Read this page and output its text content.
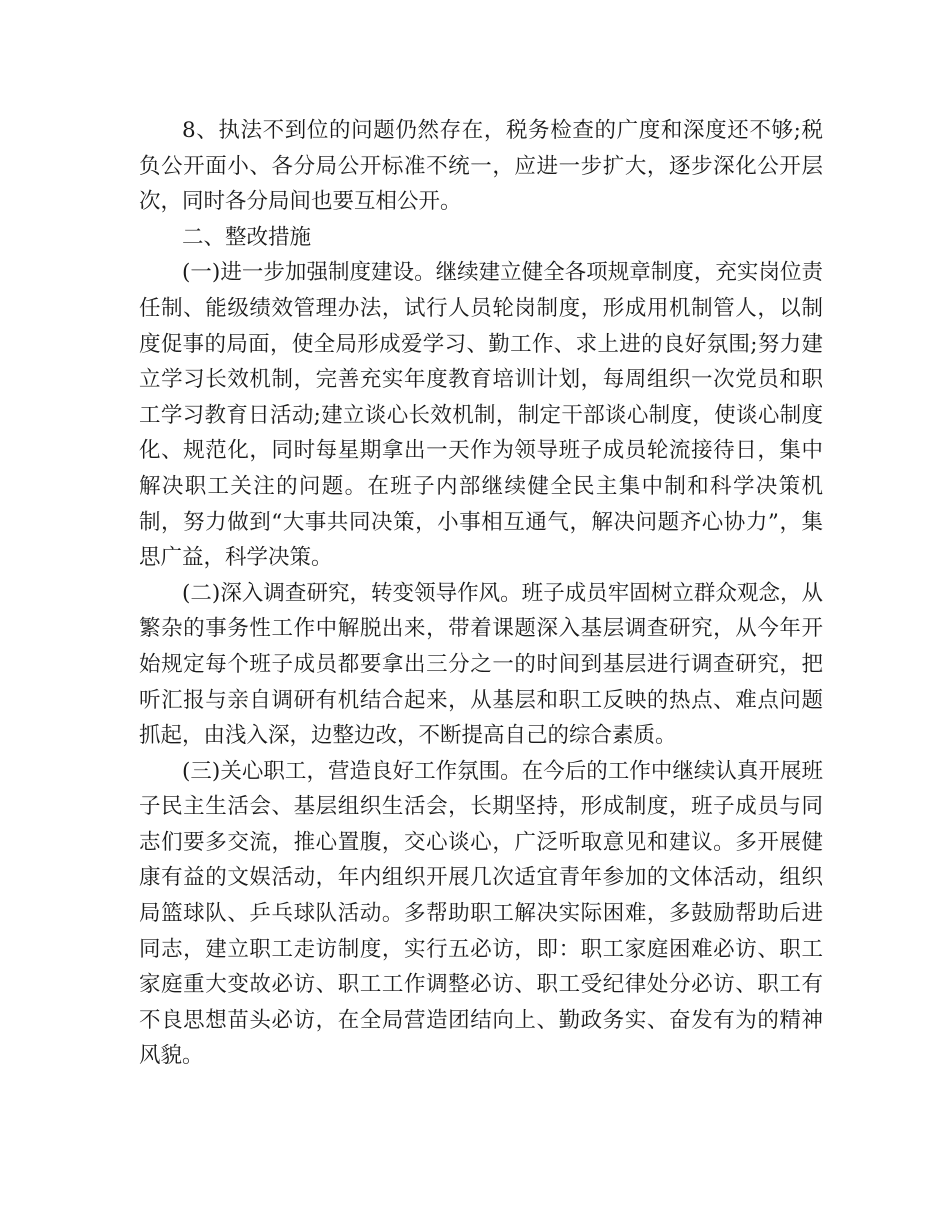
8、执法不到位的问题仍然存在，税务检查的广度和深度还不够;税负公开面小、各分局公开标准不统一，应进一步扩大，逐步深化公开层次，同时各分局间也要互相公开。

二、整改措施

(一)进一步加强制度建设。继续建立健全各项规章制度，充实岗位责任制、能级绩效管理办法，试行人员轮岗制度，形成用机制管人，以制度促事的局面，使全局形成爱学习、勤工作、求上进的良好氛围;努力建立学习长效机制，完善充实年度教育培训计划，每周组织一次党员和职工学习教育日活动;建立谈心长效机制，制定干部谈心制度，使谈心制度化、规范化，同时每星期拿出一天作为领导班子成员轮流接待日，集中解决职工关注的问题。在班子内部继续健全民主集中制和科学决策机制，努力做到“大事共同决策，小事相互通气，解决问题齐心协力”，集思广益，科学决策。

(二)深入调查研究，转变领导作风。班子成员牢固树立群众观念，从繁杂的事务性工作中解脱出来，带着课题深入基层调查研究，从今年开始规定每个班子成员都要拿出三分之一的时间到基层进行调查研究，把听汇报与亲自调研有机结合起来，从基层和职工反映的热点、难点问题抓起，由浅入深，边整边改，不断提高自己的综合素质。

(三)关心职工，营造良好工作氛围。在今后的工作中继续认真开展班子民主生活会、基层组织生活会，长期坚持，形成制度，班子成员与同志们要多交流，推心置腹，交心谈心，广泛听取意见和建议。多开展健康有益的文娱活动，年内组织开展几次适宜青年参加的文体活动，组织局篮球队、乒乓球队活动。多帮助职工解决实际困难，多鼓励帮助后进同志，建立职工走访制度，实行五必访，即：职工家庭困难必访、职工家庭重大变故必访、职工工作调整必访、职工受纪律处分必访、职工有不良思想苗头必访，在全局营造团结向上、勤政务实、奋发有为的精神风貌。
